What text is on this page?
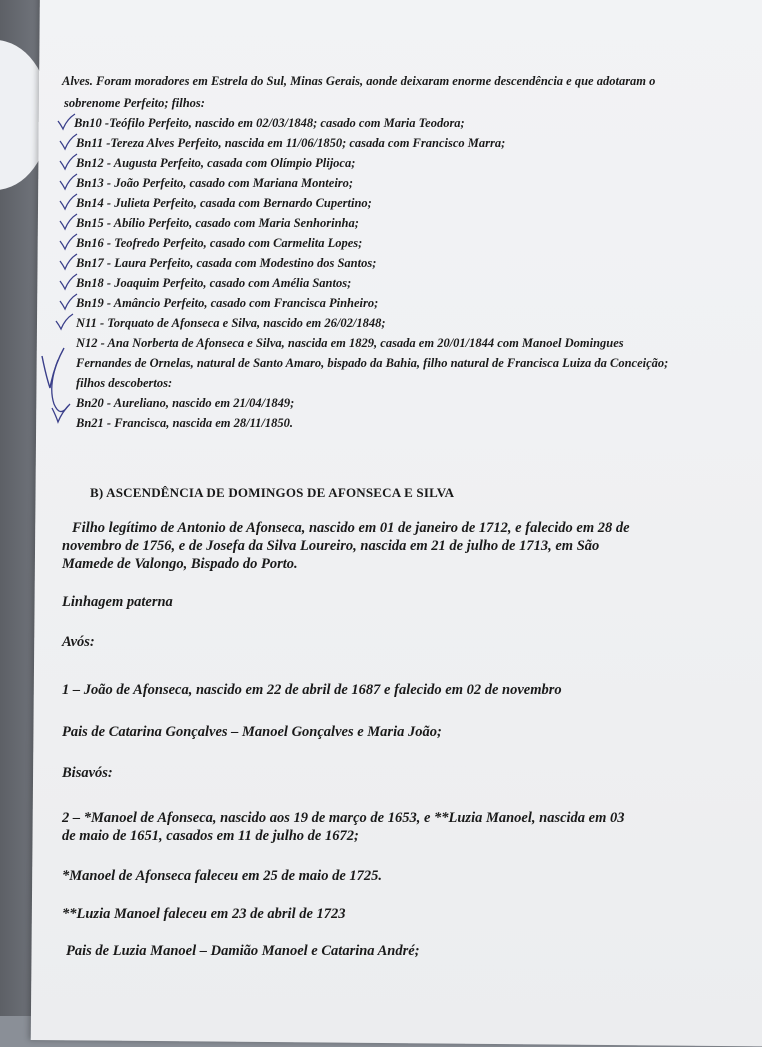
Alves. Foram moradores em Estrela do Sul, Minas Gerais, aonde deixaram enorme descendência e que adotaram o
sobrenome Perfeito; filhos:
Bn10 -Teófilo Perfeito, nascido em 02/03/1848; casado com Maria Teodora;
Bn11 -Tereza Alves Perfeito, nascida em 11/06/1850; casada com Francisco Marra;
Bn12 - Augusta Perfeito, casada com Olímpio Plijoca;
Bn13 - João Perfeito, casado com Mariana Monteiro;
Bn14 - Julieta Perfeito, casada com Bernardo Cupertino;
Bn15 - Abílio Perfeito, casado com Maria Senhorinha;
Bn16 - Teofredo Perfeito, casado com Carmelita Lopes;
Bn17 - Laura Perfeito, casada com Modestino dos Santos;
Bn18 - Joaquim Perfeito, casado com Amélia Santos;
Bn19 - Amâncio Perfeito, casado com Francisca Pinheiro;
N11 - Torquato de Afonseca e Silva, nascido em 26/02/1848;
N12 - Ana Norberta de Afonseca e Silva, nascida em 1829, casada em 20/01/1844 com Manoel Domingues
Fernandes de Ornelas, natural de Santo Amaro, bispado da Bahia, filho natural de Francisca Luiza da Conceição;
filhos descobertos:
Bn20 - Aureliano, nascido em 21/04/1849;
Bn21 - Francisca, nascida em 28/11/1850.
B) ASCENDÊNCIA DE DOMINGOS DE AFONSECA E SILVA
Filho legítimo de Antonio de Afonseca, nascido em 01 de janeiro de 1712, e falecido em 28 de
novembro de 1756, e de Josefa da Silva Loureiro, nascida em 21 de julho de 1713, em São
Mamede de Valongo, Bispado do Porto.
Linhagem paterna
Avós:
1 – João de Afonseca, nascido em 22 de abril de 1687 e falecido em 02 de novembro
Pais de Catarina Gonçalves – Manoel Gonçalves e Maria João;
Bisavós:
2 – *Manoel de Afonseca, nascido aos 19 de março de 1653, e **Luzia Manoel, nascida em 03
de maio de 1651, casados em 11 de julho de 1672;
*Manoel de Afonseca faleceu em 25 de maio de 1725.
**Luzia Manoel faleceu em 23 de abril de 1723
Pais de Luzia Manoel – Damião Manoel e Catarina André;
